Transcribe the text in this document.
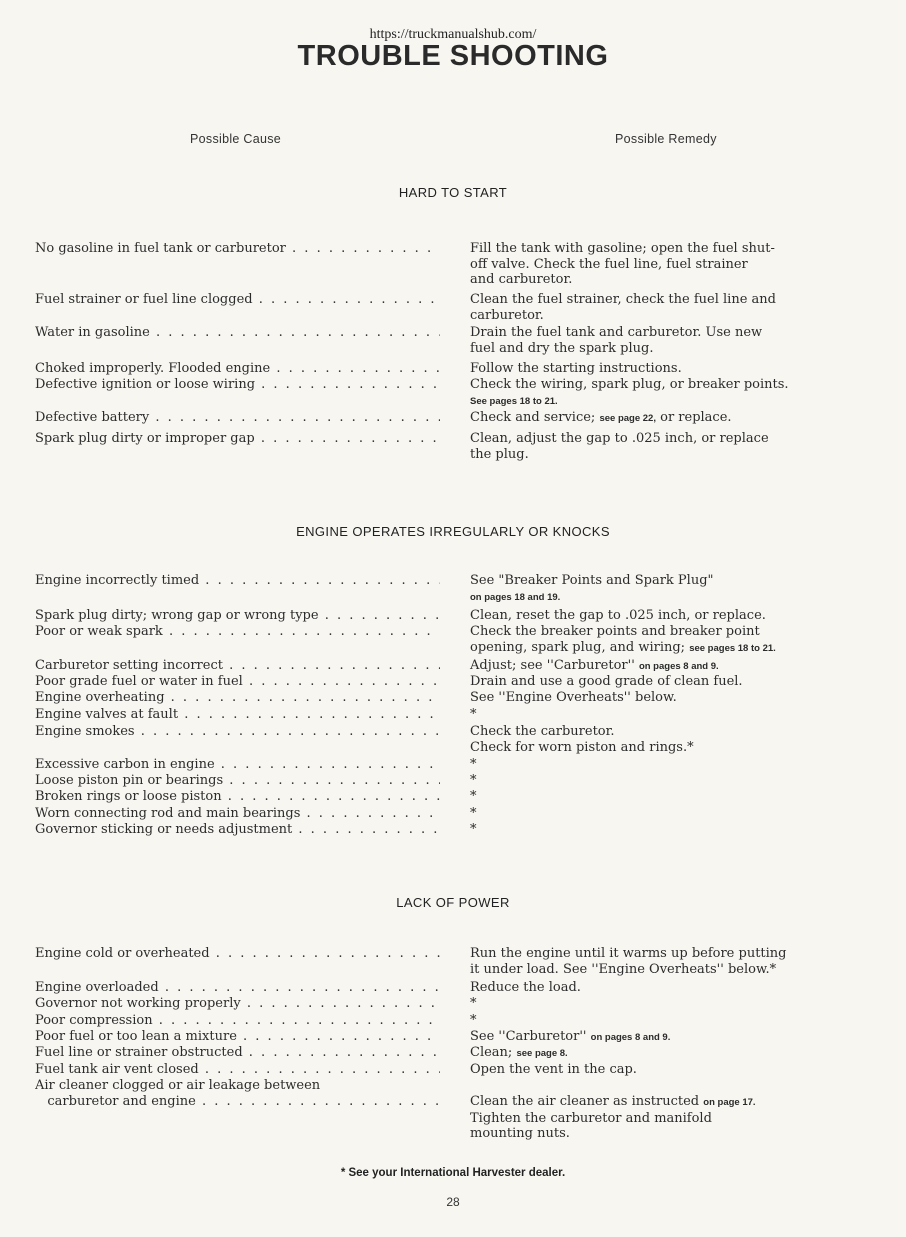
https://truckmanualshub.com/
TROUBLE SHOOTING
Possible Cause	Possible Remedy
HARD TO START
No gasoline in fuel tank or carburetor . . .	Fill the tank with gasoline; open the fuel shut-
off valve. Check the fuel line, fuel strainer
and carburetor.
Fuel strainer or fuel line clogged . . .	Clean the fuel strainer, check the fuel line and
carburetor.
Water in gasoline . . .	Drain the fuel tank and carburetor. Use new
fuel and dry the spark plug.
Choked improperly. Flooded engine . . .	Follow the starting instructions.
Defective ignition or loose wiring . . .	Check the wiring, spark plug, or breaker points.
See pages 18 to 21.
Defective battery . . .	Check and service; see page 22, or replace.
Spark plug dirty or improper gap . . .	Clean, adjust the gap to .025 inch, or replace
the plug.
ENGINE OPERATES IRREGULARLY OR KNOCKS
Engine incorrectly timed . . .	See "Breaker Points and Spark Plug"
on pages 18 and 19.
Spark plug dirty; wrong gap or wrong type . . .	Clean, reset the gap to .025 inch, or replace.
Poor or weak spark . . .	Check the breaker points and breaker point
opening, spark plug, and wiring; see pages 18 to 21.
Carburetor setting incorrect . . .	Adjust; see ''Carburetor'' on pages 8 and 9.
Poor grade fuel or water in fuel . . .	Drain and use a good grade of clean fuel.
Engine overheating . . .	See ''Engine Overheats'' below.
Engine valves at fault . . .	*
Engine smokes . . .	Check the carburetor.
Check for worn piston and rings.*
Excessive carbon in engine . . .	*
Loose piston pin or bearings . . .	*
Broken rings or loose piston . . .	*
Worn connecting rod and main bearings . . .	*
Governor sticking or needs adjustment . . .	*
LACK OF POWER
Engine cold or overheated . . .	Run the engine until it warms up before putting
it under load. See ''Engine Overheats'' below.*
Engine overloaded . . .	Reduce the load.
Governor not working properly . . .	*
Poor compression . . .	*
Poor fuel or too lean a mixture . . .	See ''Carburetor'' on pages 8 and 9.
Fuel line or strainer obstructed . . .	Clean; see page 8.
Fuel tank air vent closed . . .	Open the vent in the cap.
Air cleaner clogged or air leakage between
carburetor and engine . . .	Clean the air cleaner as instructed on page 17.
Tighten the carburetor and manifold
mounting nuts.
* See your International Harvester dealer.
28
